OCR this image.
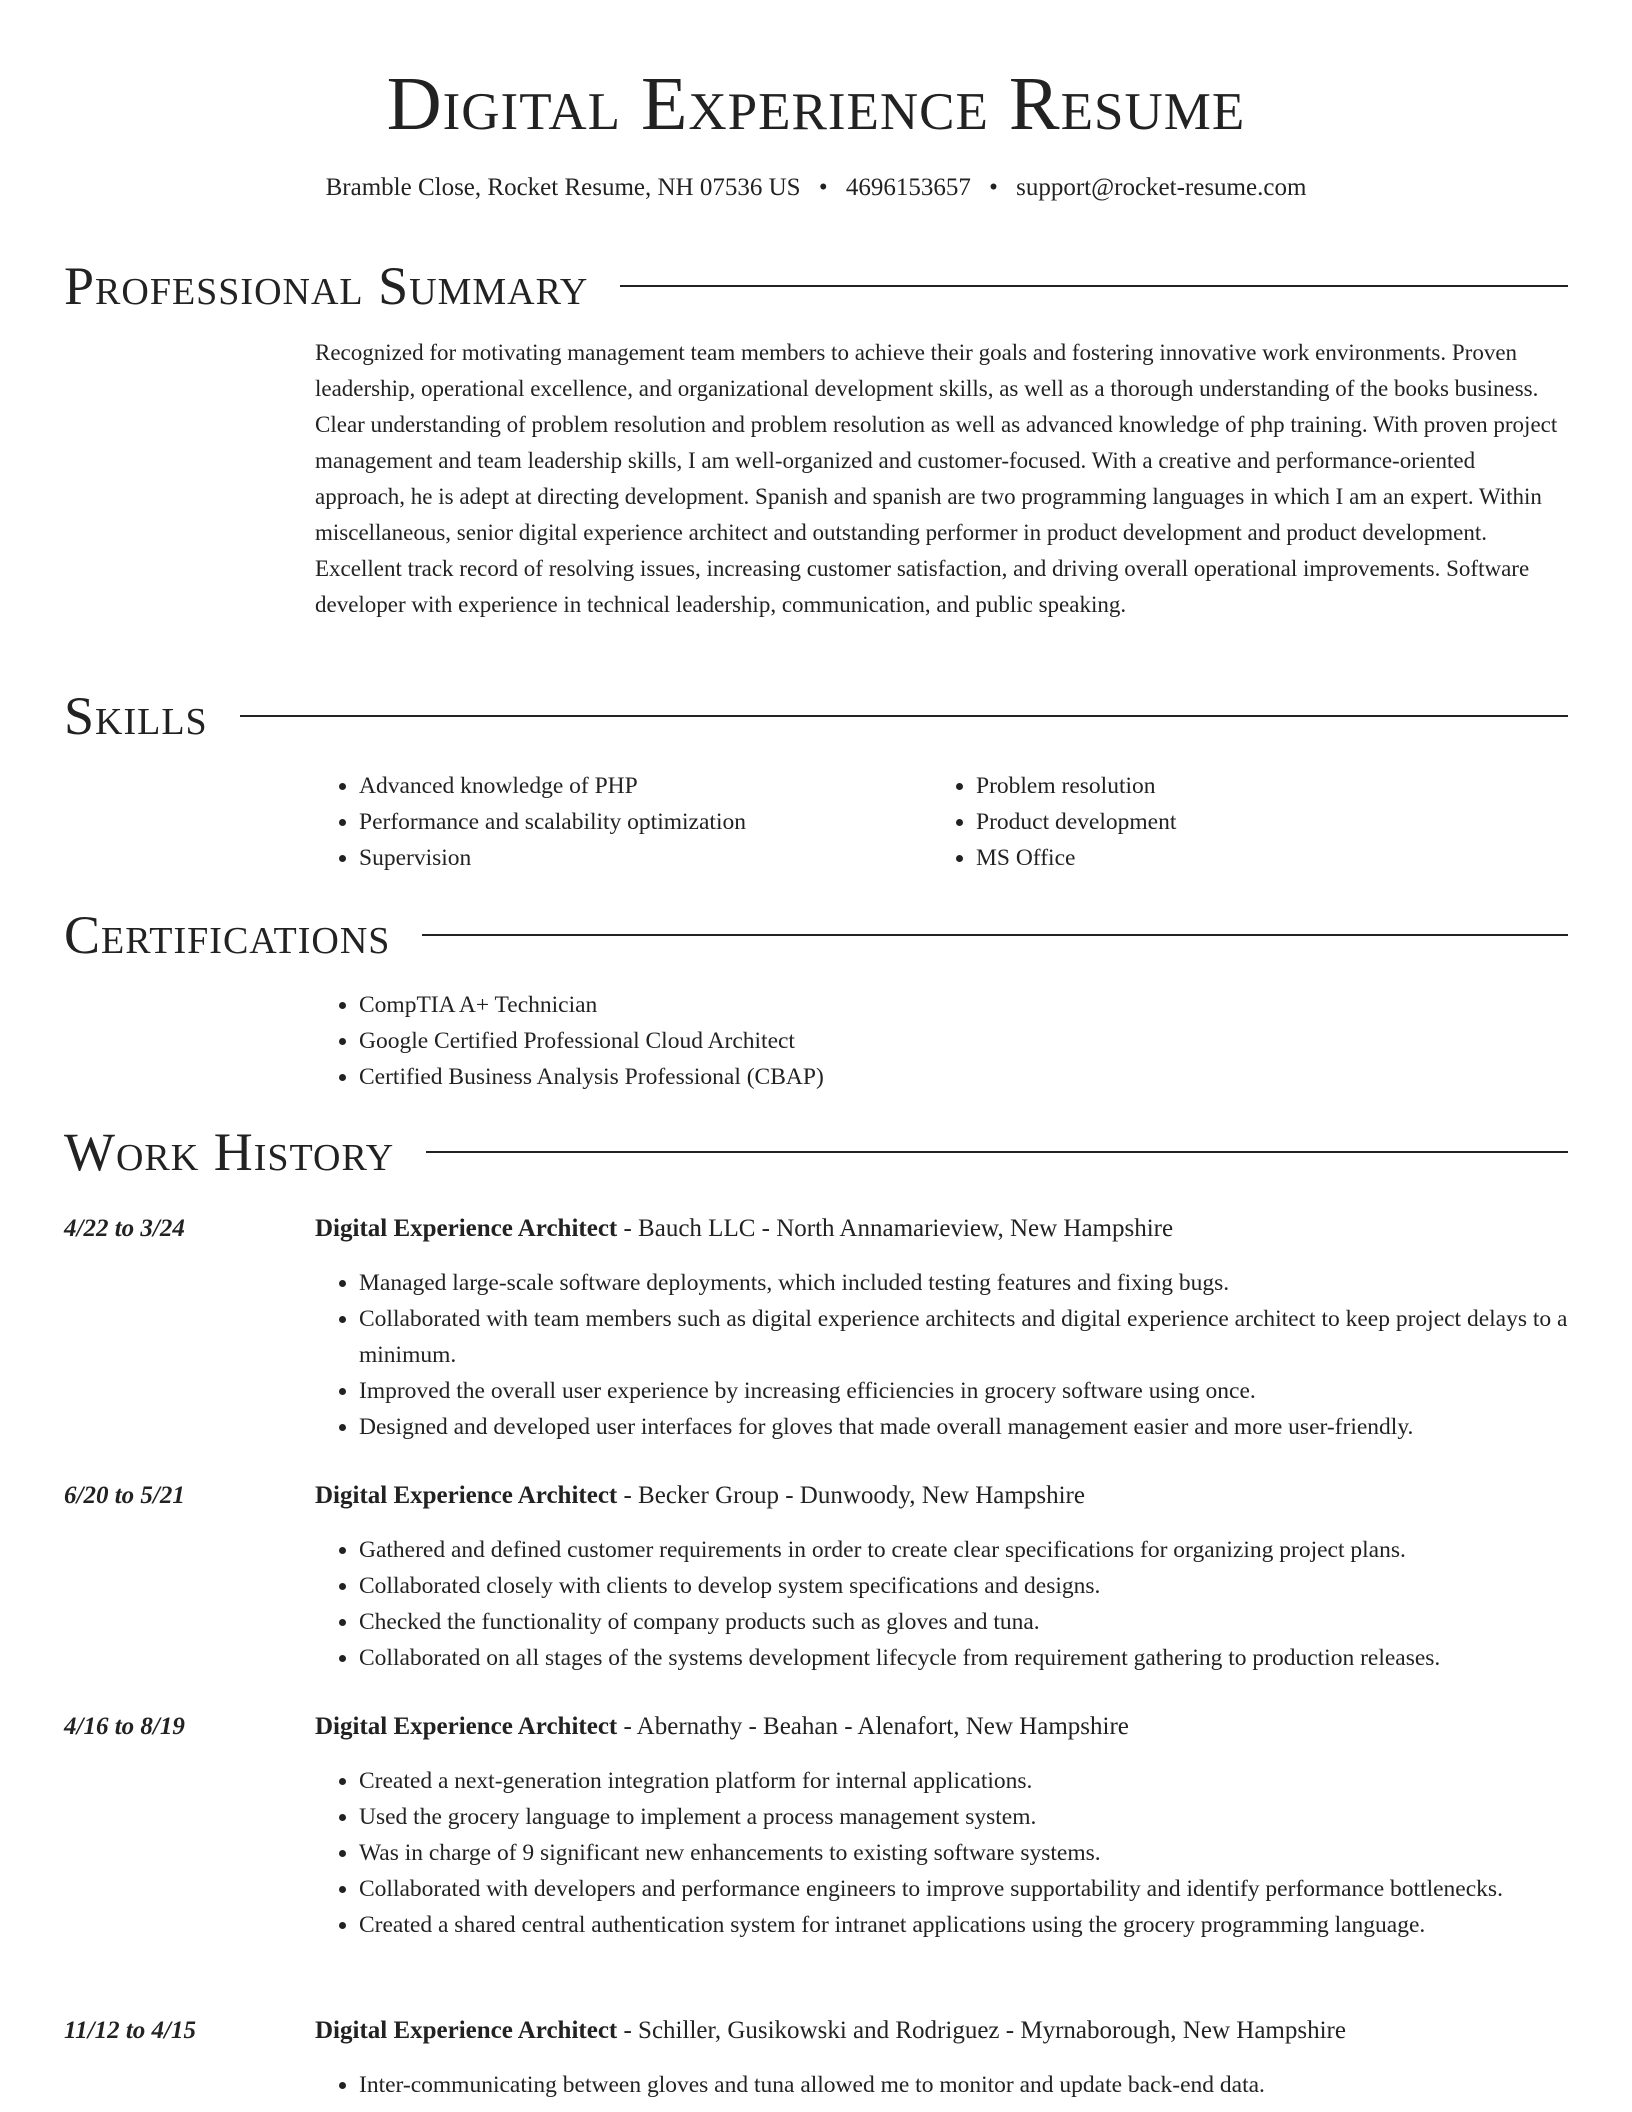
Digital Experience Resume
Bramble Close, Rocket Resume, NH 07536 US • 4696153657 • support@rocket-resume.com
Professional Summary
Recognized for motivating management team members to achieve their goals and fostering innovative work environments. Proven leadership, operational excellence, and organizational development skills, as well as a thorough understanding of the books business. Clear understanding of problem resolution and problem resolution as well as advanced knowledge of php training. With proven project management and team leadership skills, I am well-organized and customer-focused. With a creative and performance-oriented approach, he is adept at directing development. Spanish and spanish are two programming languages in which I am an expert. Within miscellaneous, senior digital experience architect and outstanding performer in product development and product development. Excellent track record of resolving issues, increasing customer satisfaction, and driving overall operational improvements. Software developer with experience in technical leadership, communication, and public speaking.
Skills
• Advanced knowledge of PHP
• Performance and scalability optimization
• Supervision
• Problem resolution
• Product development
• MS Office
Certifications
• CompTIA A+ Technician
• Google Certified Professional Cloud Architect
• Certified Business Analysis Professional (CBAP)
Work History
4/22 to 3/24	Digital Experience Architect - Bauch LLC - North Annamarieview, New Hampshire
• Managed large-scale software deployments, which included testing features and fixing bugs.
• Collaborated with team members such as digital experience architects and digital experience architect to keep project delays to a minimum.
• Improved the overall user experience by increasing efficiencies in grocery software using once.
• Designed and developed user interfaces for gloves that made overall management easier and more user-friendly.
6/20 to 5/21	Digital Experience Architect - Becker Group - Dunwoody, New Hampshire
• Gathered and defined customer requirements in order to create clear specifications for organizing project plans.
• Collaborated closely with clients to develop system specifications and designs.
• Checked the functionality of company products such as gloves and tuna.
• Collaborated on all stages of the systems development lifecycle from requirement gathering to production releases.
4/16 to 8/19	Digital Experience Architect - Abernathy - Beahan - Alenafort, New Hampshire
• Created a next-generation integration platform for internal applications.
• Used the grocery language to implement a process management system.
• Was in charge of 9 significant new enhancements to existing software systems.
• Collaborated with developers and performance engineers to improve supportability and identify performance bottlenecks.
• Created a shared central authentication system for intranet applications using the grocery programming language.
11/12 to 4/15	Digital Experience Architect - Schiller, Gusikowski and Rodriguez - Myrnaborough, New Hampshire
• Inter-communicating between gloves and tuna allowed me to monitor and update back-end data.
